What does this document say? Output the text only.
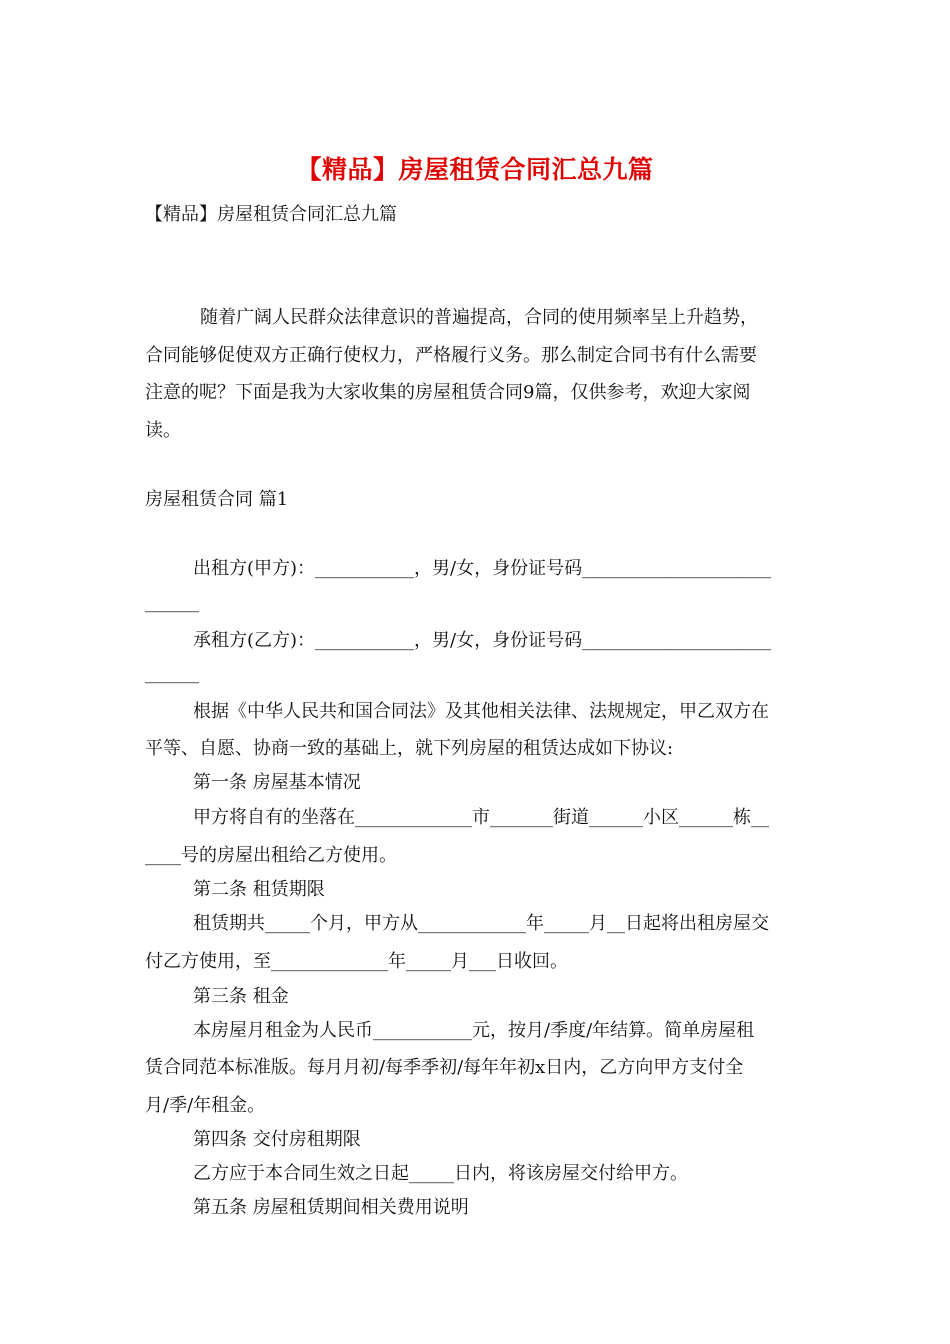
【精品】房屋租赁合同汇总九篇
【精品】房屋租赁合同汇总九篇
随着广阔人民群众法律意识的普遍提高，合同的使用频率呈上升趋势，
合同能够促使双方正确行使权力，严格履行义务。那么制定合同书有什么需要
注意的呢？下面是我为大家收集的房屋租赁合同9篇，仅供参考，欢迎大家阅
读。
房屋租赁合同 篇1
出租方(甲方)：___________，男/女，身份证号码_____________________
______
承租方(乙方)：___________，男/女，身份证号码_____________________
______
根据《中华人民共和国合同法》及其他相关法律、法规规定，甲乙双方在
平等、自愿、协商一致的基础上，就下列房屋的租赁达成如下协议:
第一条 房屋基本情况
甲方将自有的坐落在_____________市_______街道______小区______栋__
____号的房屋出租给乙方使用。
第二条 租赁期限
租赁期共_____个月，甲方从____________年_____月__日起将出租房屋交
付乙方使用，至_____________年_____月___日收回。
第三条 租金
本房屋月租金为人民币___________元，按月/季度/年结算。简单房屋租
赁合同范本标准版。每月月初/每季季初/每年年初x日内，乙方向甲方支付全
月/季/年租金。
第四条 交付房租期限
乙方应于本合同生效之日起_____日内，将该房屋交付给甲方。
第五条 房屋租赁期间相关费用说明
